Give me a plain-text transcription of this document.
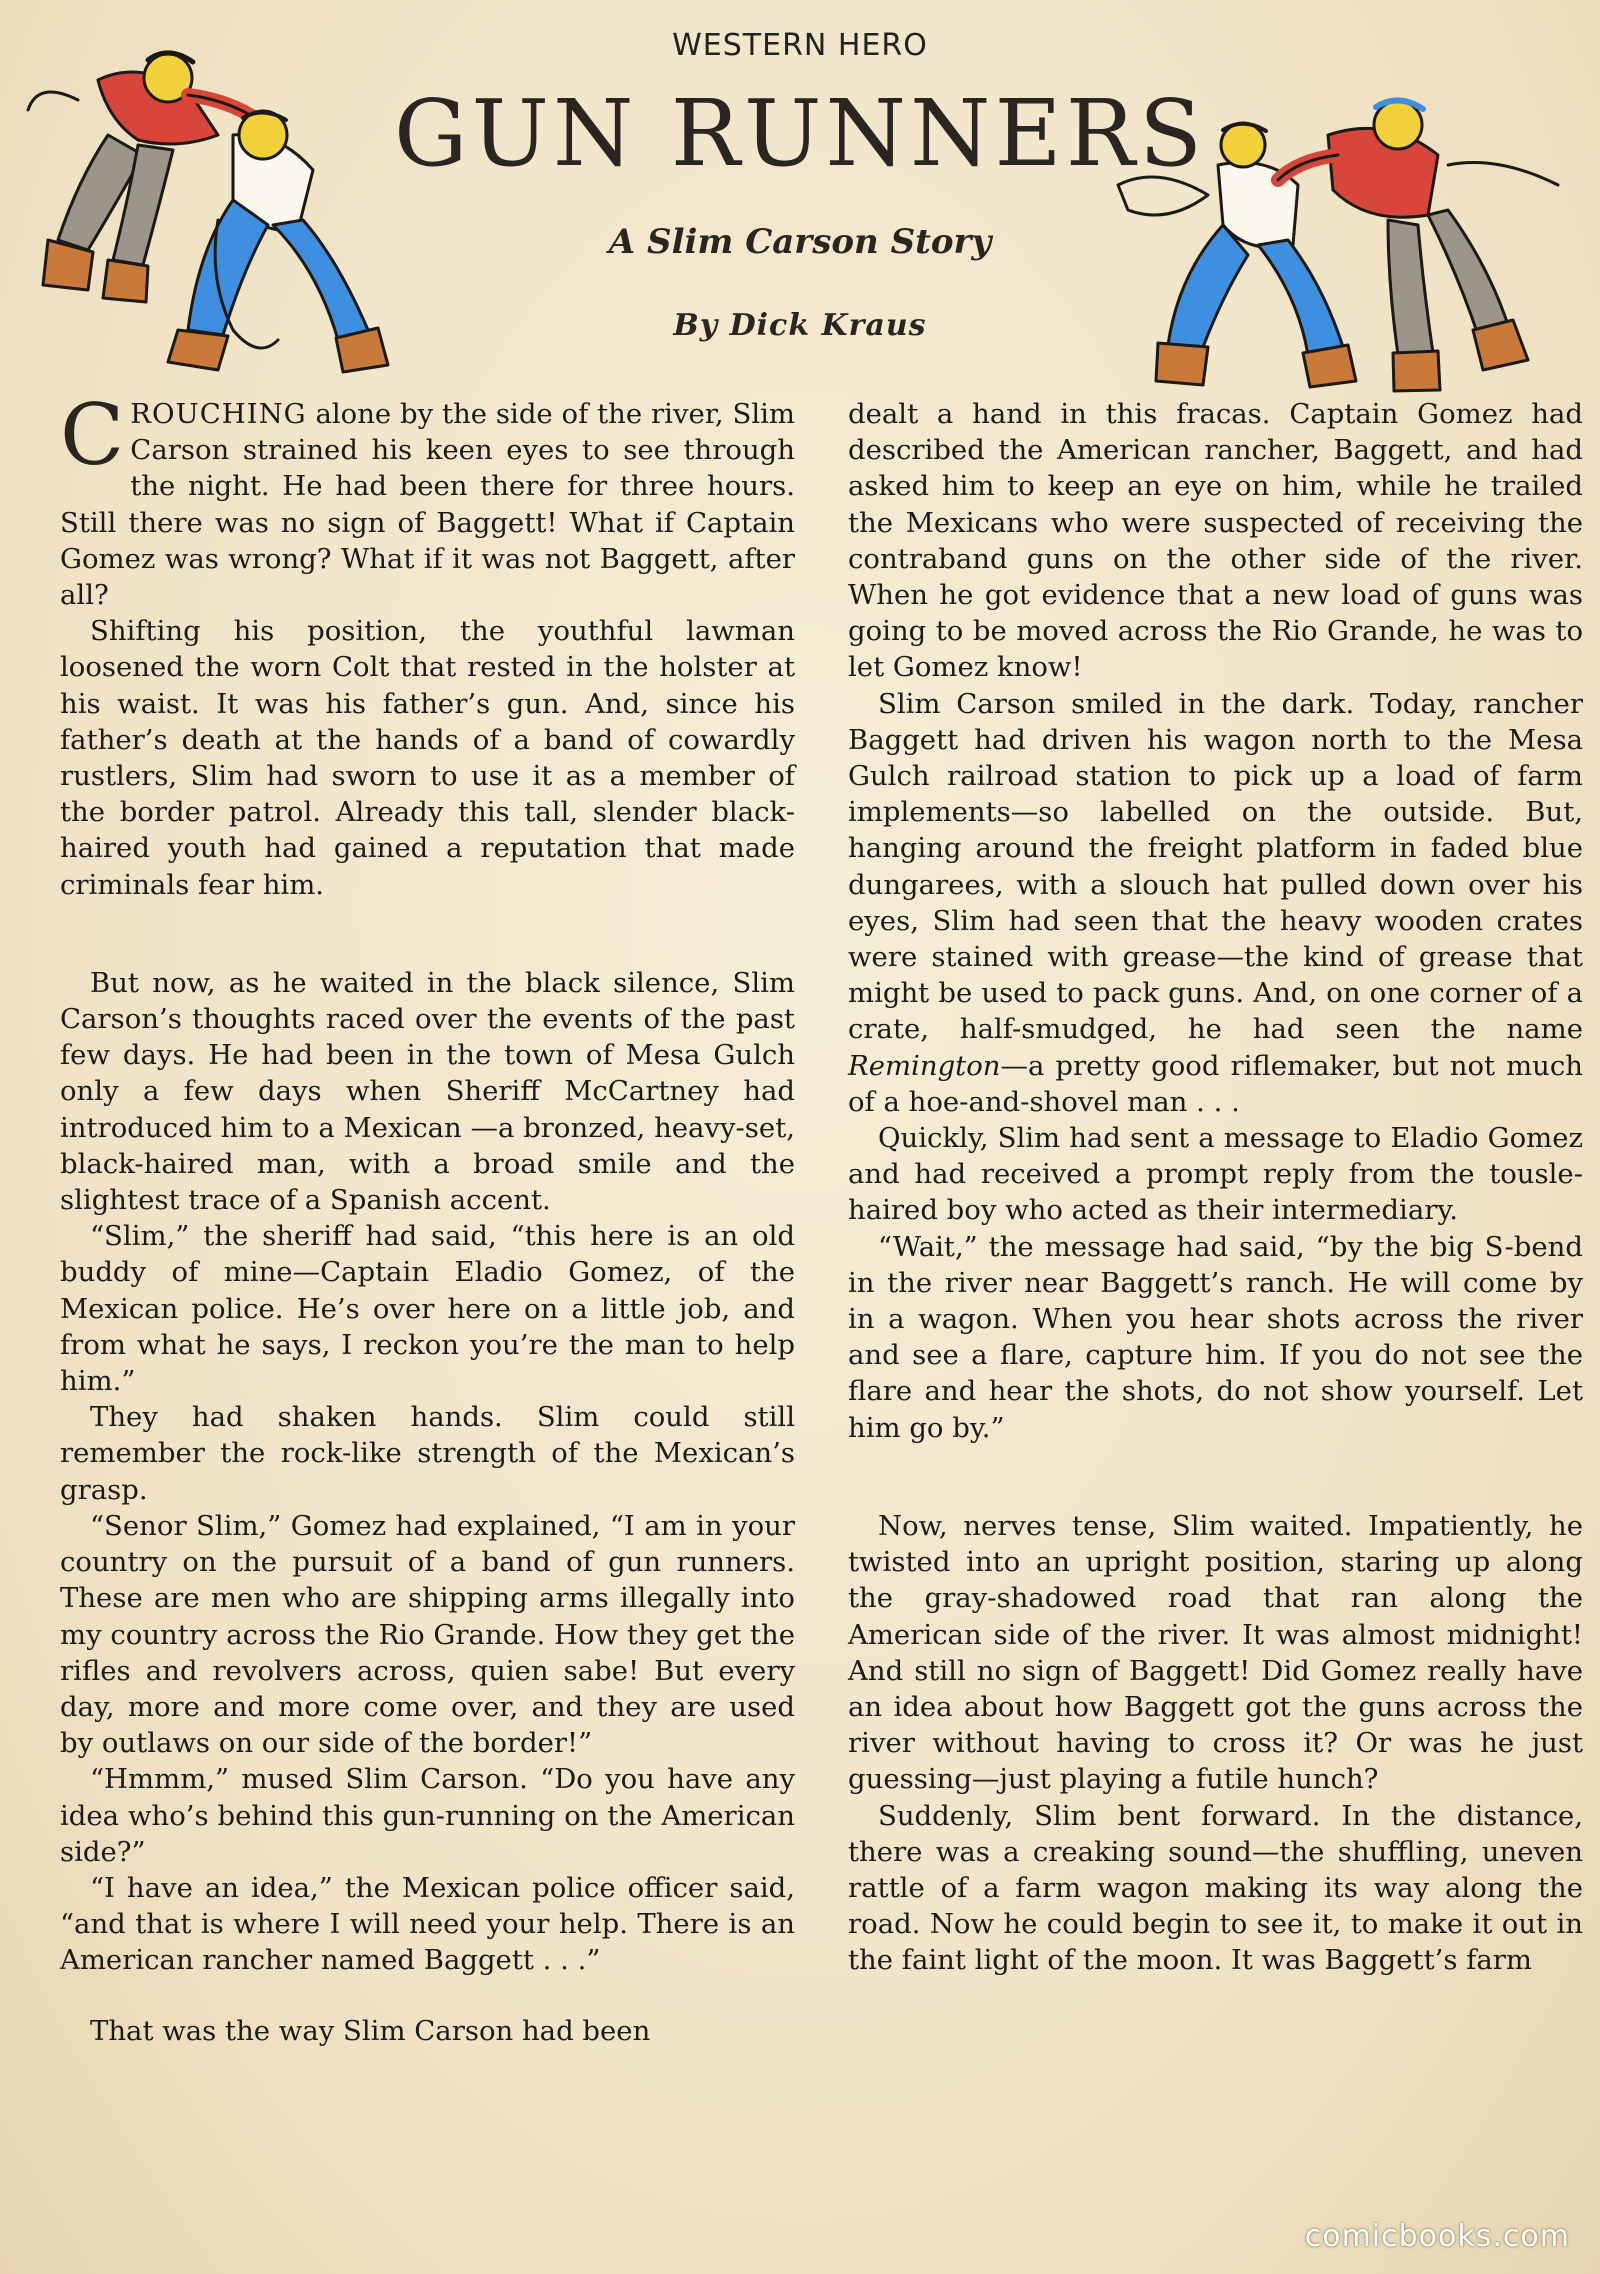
WESTERN HERO
GUN RUNNERS
A Slim Carson Story
By Dick Kraus

CROUCHING alone by the side of the river, Slim Carson strained his keen eyes to see through the night. He had been there for three hours. Still there was no sign of Baggett! What if Captain Gomez was wrong? What if it was not Baggett, after all?

Shifting his position, the youthful lawman loosened the worn Colt that rested in the holster at his waist. It was his father’s gun. And, since his father’s death at the hands of a band of cowardly rustlers, Slim had sworn to use it as a member of the border patrol. Already this tall, slender black-haired youth had gained a reputation that made criminals fear him.

But now, as he waited in the black silence, Slim Carson’s thoughts raced over the events of the past few days. He had been in the town of Mesa Gulch only a few days when Sheriff McCartney had introduced him to a Mexican —a bronzed, heavy-set, black-haired man, with a broad smile and the slightest trace of a Spanish accent.

“Slim,” the sheriff had said, “this here is an old buddy of mine—Captain Eladio Gomez, of the Mexican police. He’s over here on a little job, and from what he says, I reckon you’re the man to help him.”

They had shaken hands. Slim could still remember the rock-like strength of the Mexican’s grasp.

“Senor Slim,” Gomez had explained, “I am in your country on the pursuit of a band of gun runners. These are men who are shipping arms illegally into my country across the Rio Grande. How they get the rifles and revolvers across, quien sabe! But every day, more and more come over, and they are used by outlaws on our side of the border!”

“Hmmm,” mused Slim Carson. “Do you have any idea who’s behind this gun-running on the American side?”

“I have an idea,” the Mexican police officer said, “and that is where I will need your help. There is an American rancher named Baggett . . .”

That was the way Slim Carson had been

dealt a hand in this fracas. Captain Gomez had described the American rancher, Baggett, and had asked him to keep an eye on him, while he trailed the Mexicans who were suspected of receiving the contraband guns on the other side of the river. When he got evidence that a new load of guns was going to be moved across the Rio Grande, he was to let Gomez know!

Slim Carson smiled in the dark. Today, rancher Baggett had driven his wagon north to the Mesa Gulch railroad station to pick up a load of farm implements—so labelled on the outside. But, hanging around the freight platform in faded blue dungarees, with a slouch hat pulled down over his eyes, Slim had seen that the heavy wooden crates were stained with grease—the kind of grease that might be used to pack guns. And, on one corner of a crate, half-smudged, he had seen the name Remington—a pretty good riflemaker, but not much of a hoe-and-shovel man . . .

Quickly, Slim had sent a message to Eladio Gomez and had received a prompt reply from the tousle-haired boy who acted as their intermediary.

“Wait,” the message had said, “by the big S-bend in the river near Baggett’s ranch. He will come by in a wagon. When you hear shots across the river and see a flare, capture him. If you do not see the flare and hear the shots, do not show yourself. Let him go by.”

Now, nerves tense, Slim waited. Impatiently, he twisted into an upright position, staring up along the gray-shadowed road that ran along the American side of the river. It was almost midnight! And still no sign of Baggett! Did Gomez really have an idea about how Baggett got the guns across the river without having to cross it? Or was he just guessing—just playing a futile hunch?

Suddenly, Slim bent forward. In the distance, there was a creaking sound—the shuffling, uneven rattle of a farm wagon making its way along the road. Now he could begin to see it, to make it out in the faint light of the moon. It was Baggett’s farm

comicbooks.com
